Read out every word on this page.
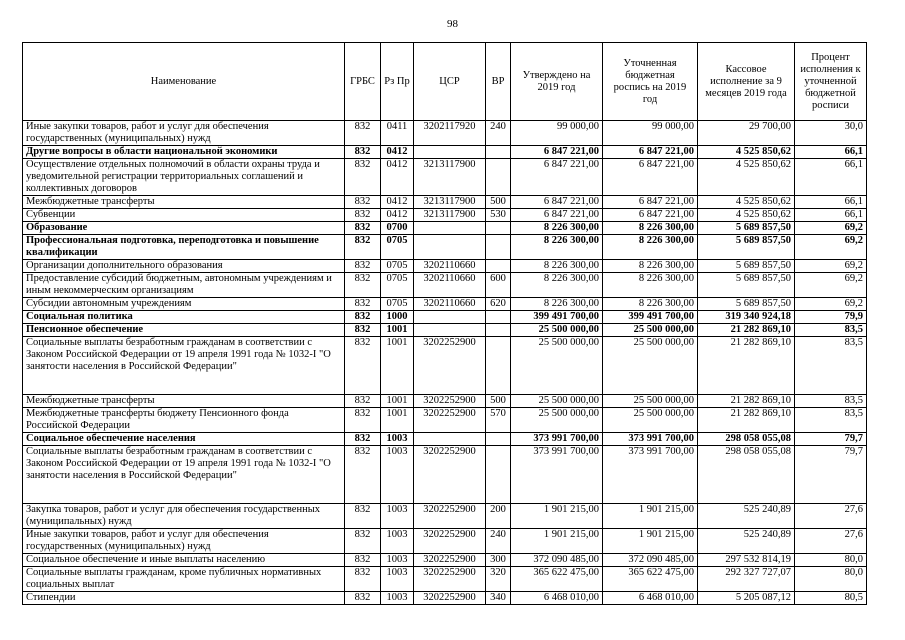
98
Наименование	ГРБС	Рз Пр	ЦСР	ВР	Утверждено на 2019 год	Уточненная бюджетная роспись на 2019 год	Кассовое исполнение за 9 месяцев 2019 года	Процент исполнения к уточненной бюджетной росписи
Иные закупки товаров, работ и услуг для обеспечения государственных (муниципальных) нужд	832	0411	3202117920	240	99 000,00	99 000,00	29 700,00	30,0
Другие вопросы в области национальной экономики	832	0412			6 847 221,00	6 847 221,00	4 525 850,62	66,1
Осуществление отдельных полномочий в области охраны труда и уведомительной регистрации территориальных соглашений и коллективных договоров	832	0412	3213117900		6 847 221,00	6 847 221,00	4 525 850,62	66,1
Межбюджетные трансферты	832	0412	3213117900	500	6 847 221,00	6 847 221,00	4 525 850,62	66,1
Субвенции	832	0412	3213117900	530	6 847 221,00	6 847 221,00	4 525 850,62	66,1
Образование	832	0700			8 226 300,00	8 226 300,00	5 689 857,50	69,2
Профессиональная подготовка, переподготовка и повышение квалификации	832	0705			8 226 300,00	8 226 300,00	5 689 857,50	69,2
Организации дополнительного образования	832	0705	3202110660		8 226 300,00	8 226 300,00	5 689 857,50	69,2
Предоставление субсидий бюджетным, автономным учреждениям и иным некоммерческим организациям	832	0705	3202110660	600	8 226 300,00	8 226 300,00	5 689 857,50	69,2
Субсидии автономным учреждениям	832	0705	3202110660	620	8 226 300,00	8 226 300,00	5 689 857,50	69,2
Социальная политика	832	1000			399 491 700,00	399 491 700,00	319 340 924,18	79,9
Пенсионное обеспечение	832	1001			25 500 000,00	25 500 000,00	21 282 869,10	83,5
Социальные выплаты безработным гражданам в соответствии с Законом Российской Федерации от 19 апреля 1991 года № 1032-I "О занятости населения в Российской Федерации"	832	1001	3202252900		25 500 000,00	25 500 000,00	21 282 869,10	83,5
Межбюджетные трансферты	832	1001	3202252900	500	25 500 000,00	25 500 000,00	21 282 869,10	83,5
Межбюджетные трансферты бюджету Пенсионного фонда Российской Федерации	832	1001	3202252900	570	25 500 000,00	25 500 000,00	21 282 869,10	83,5
Социальное обеспечение населения	832	1003			373 991 700,00	373 991 700,00	298 058 055,08	79,7
Социальные выплаты безработным гражданам в соответствии с Законом Российской Федерации от 19 апреля 1991 года № 1032-I "О занятости населения в Российской Федерации"	832	1003	3202252900		373 991 700,00	373 991 700,00	298 058 055,08	79,7
Закупка товаров, работ и услуг для обеспечения государственных (муниципальных) нужд	832	1003	3202252900	200	1 901 215,00	1 901 215,00	525 240,89	27,6
Иные закупки товаров, работ и услуг для обеспечения государственных (муниципальных) нужд	832	1003	3202252900	240	1 901 215,00	1 901 215,00	525 240,89	27,6
Социальное обеспечение и иные выплаты населению	832	1003	3202252900	300	372 090 485,00	372 090 485,00	297 532 814,19	80,0
Социальные выплаты гражданам, кроме публичных нормативных социальных выплат	832	1003	3202252900	320	365 622 475,00	365 622 475,00	292 327 727,07	80,0
Стипендии	832	1003	3202252900	340	6 468 010,00	6 468 010,00	5 205 087,12	80,5
